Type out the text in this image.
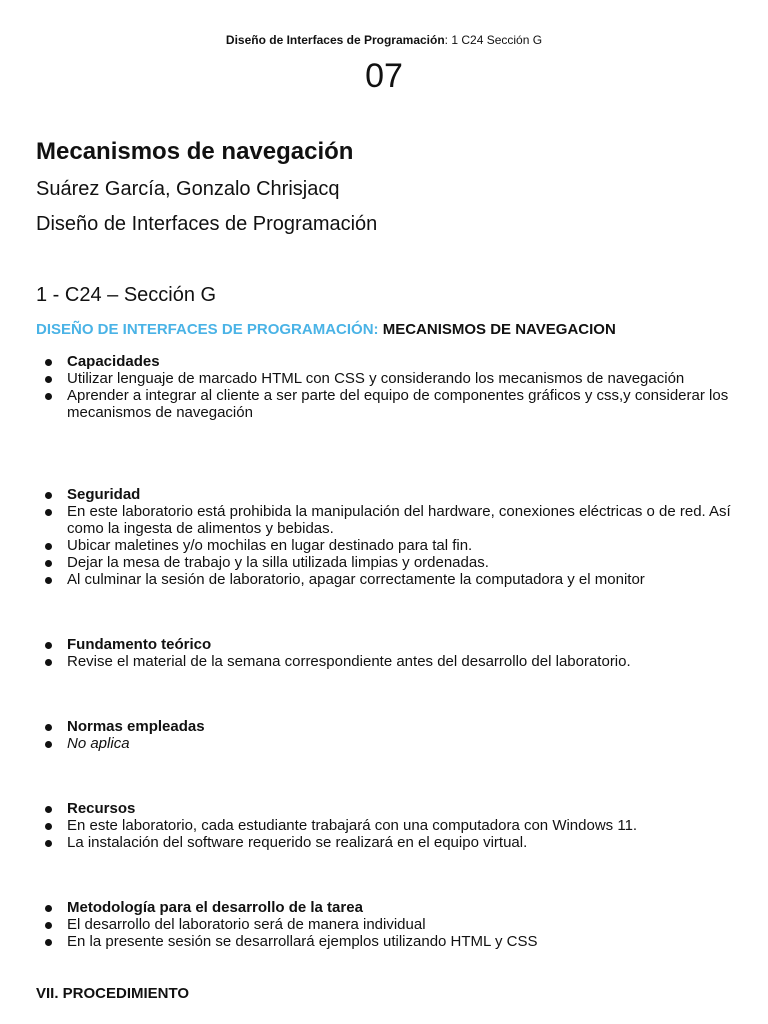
Diseño de Interfaces de Programación: 1 C24 Sección G
07
Mecanismos de navegación
Suárez García, Gonzalo Chrisjacq
Diseño de Interfaces de Programación
1 - C24 – Sección G
DISEÑO DE INTERFACES DE PROGRAMACIÓN: MECANISMOS DE NAVEGACION
Capacidades
Utilizar lenguaje de marcado HTML con CSS y considerando los mecanismos de navegación
Aprender a integrar al cliente a ser parte del equipo de componentes gráficos y css,y considerar los mecanismos de navegación
Seguridad
En este laboratorio está prohibida la manipulación del hardware, conexiones eléctricas o de red. Así como la ingesta de alimentos y bebidas.
Ubicar maletines y/o mochilas en lugar destinado para tal fin.
Dejar la mesa de trabajo y la silla utilizada limpias y ordenadas.
Al culminar la sesión de laboratorio, apagar correctamente la computadora y el monitor
Fundamento teórico
Revise el material de la semana correspondiente antes del desarrollo del laboratorio.
Normas empleadas
No aplica
Recursos
En este laboratorio, cada estudiante trabajará con una computadora con Windows 11.
La instalación del software requerido se realizará en el equipo virtual.
Metodología para el desarrollo de la tarea
El desarrollo del laboratorio será de manera individual
En la presente sesión se desarrollará ejemplos utilizando HTML y CSS
VII. PROCEDIMIENTO
